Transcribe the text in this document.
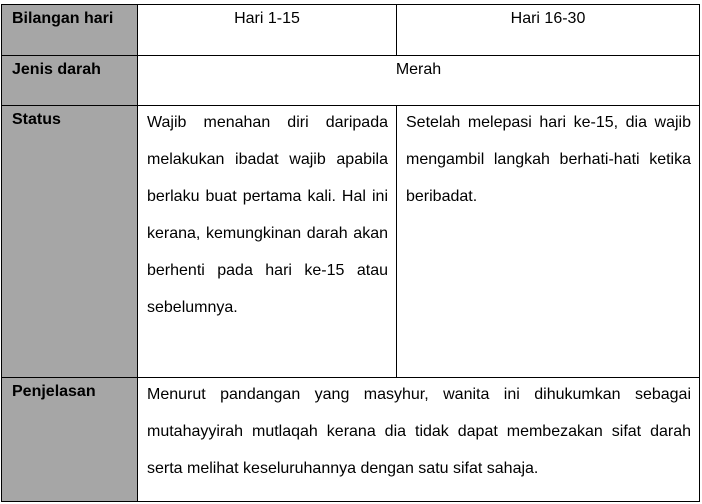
Bilangan hari	Hari 1-15	Hari 16-30
Jenis darah	Merah	
Status	Wajib menahan diri daripada melakukan ibadat wajib apabila berlaku buat pertama kali. Hal ini kerana, kemungkinan darah akan berhenti pada hari ke-15 atau sebelumnya.	Setelah melepasi hari ke-15, dia wajib mengambil langkah berhati-hati ketika beribadat.

Penjelasan	Menurut pandangan yang masyhur, wanita ini dihukumkan sebagai mutahayyirah mutlaqah kerana dia tidak dapat membezakan sifat darah serta melihat keseluruhannya dengan satu sifat sahaja.	
